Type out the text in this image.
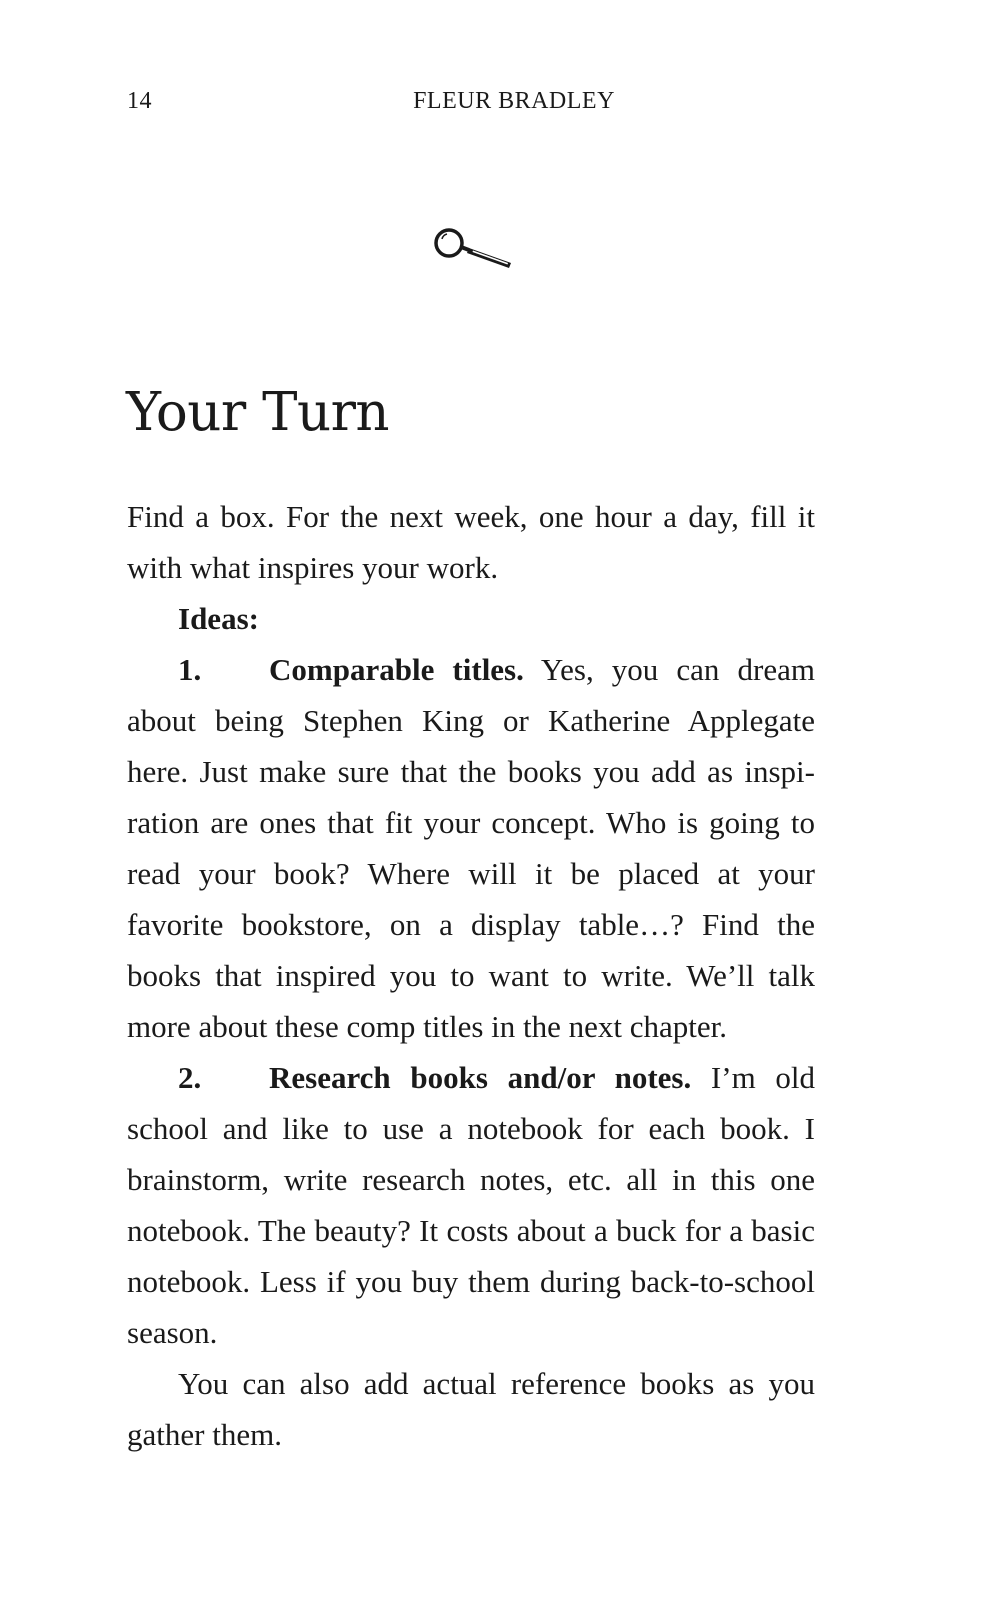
14	FLEUR BRADLEY
Your Turn

Find a box. For the next week, one hour a day, fill it with what inspires your work.

Ideas:

1. Comparable titles. Yes, you can dream about being Stephen King or Katherine Applegate here. Just make sure that the books you add as inspiration are ones that fit your concept. Who is going to read your book? Where will it be placed at your favorite bookstore, on a display table…? Find the books that inspired you to want to write. We’ll talk more about these comp titles in the next chapter.

2. Research books and/or notes. I’m old school and like to use a notebook for each book. I brainstorm, write research notes, etc. all in this one notebook. The beauty? It costs about a buck for a basic notebook. Less if you buy them during back-to-school season.

You can also add actual reference books as you gather them.
